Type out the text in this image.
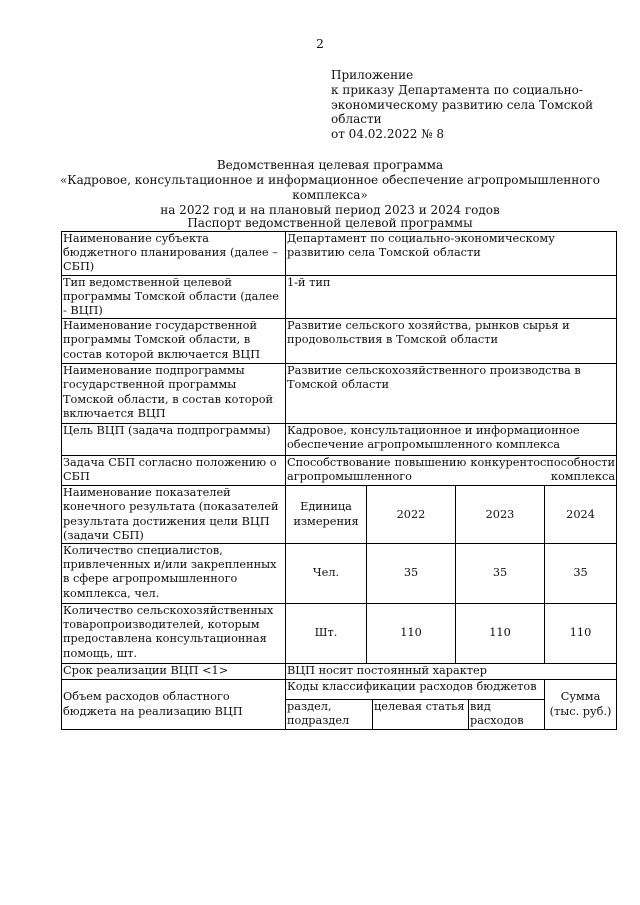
2
Приложение
к приказу Департамента по социально-
экономическому развитию села Томской
области
от 04.02.2022 № 8
Ведомственная целевая программа
«Кадровое, консультационное и информационное обеспечение агропромышленного комплекса»
на 2022 год и на плановый период 2023 и 2024 годов
Паспорт ведомственной целевой программы
Наименование субъекта бюджетного планирования (далее – СБП)	Департамент по социально-экономическому развитию села Томской области					
Тип ведомственной целевой программы Томской области (далее - ВЦП)	1-й тип					
Наименование государственной программы Томской области, в состав которой включается ВЦП	Развитие сельского хозяйства, рынков сырья и продовольствия в Томской области					
Наименование подпрограммы государственной программы Томской области, в состав которой включается ВЦП	Развитие сельскохозяйственного производства в Томской области					
Цель ВЦП (задача подпрограммы)	Кадровое, консультационное и информационное обеспечение агропромышленного комплекса					
Задача СБП согласно положению о СБП	Способствование повышению конкурентоспособности агропромышленного комплекса					

Наименование показателей конечного результата (показателей результата достижения цели ВЦП (задачи СБП)	Единица измерения	2022		2023		2024
Количество специалистов, привлеченных и/или закрепленных в сфере агропромышленного комплекса, чел.	Чел.	35		35		35
Количество сельскохозяйственных товаропроизводителей, которым предоставлена консультационная помощь, шт.	Шт.	110		110		110
Срок реализации ВЦП <1>	ВЦП носит постоянный характер					
Объем расходов областного бюджета на реализацию ВЦП	Коды классификации расходов бюджетов					Сумма (тыс. руб.)
	раздел, подраздел		целевая статья		вид расходов	
